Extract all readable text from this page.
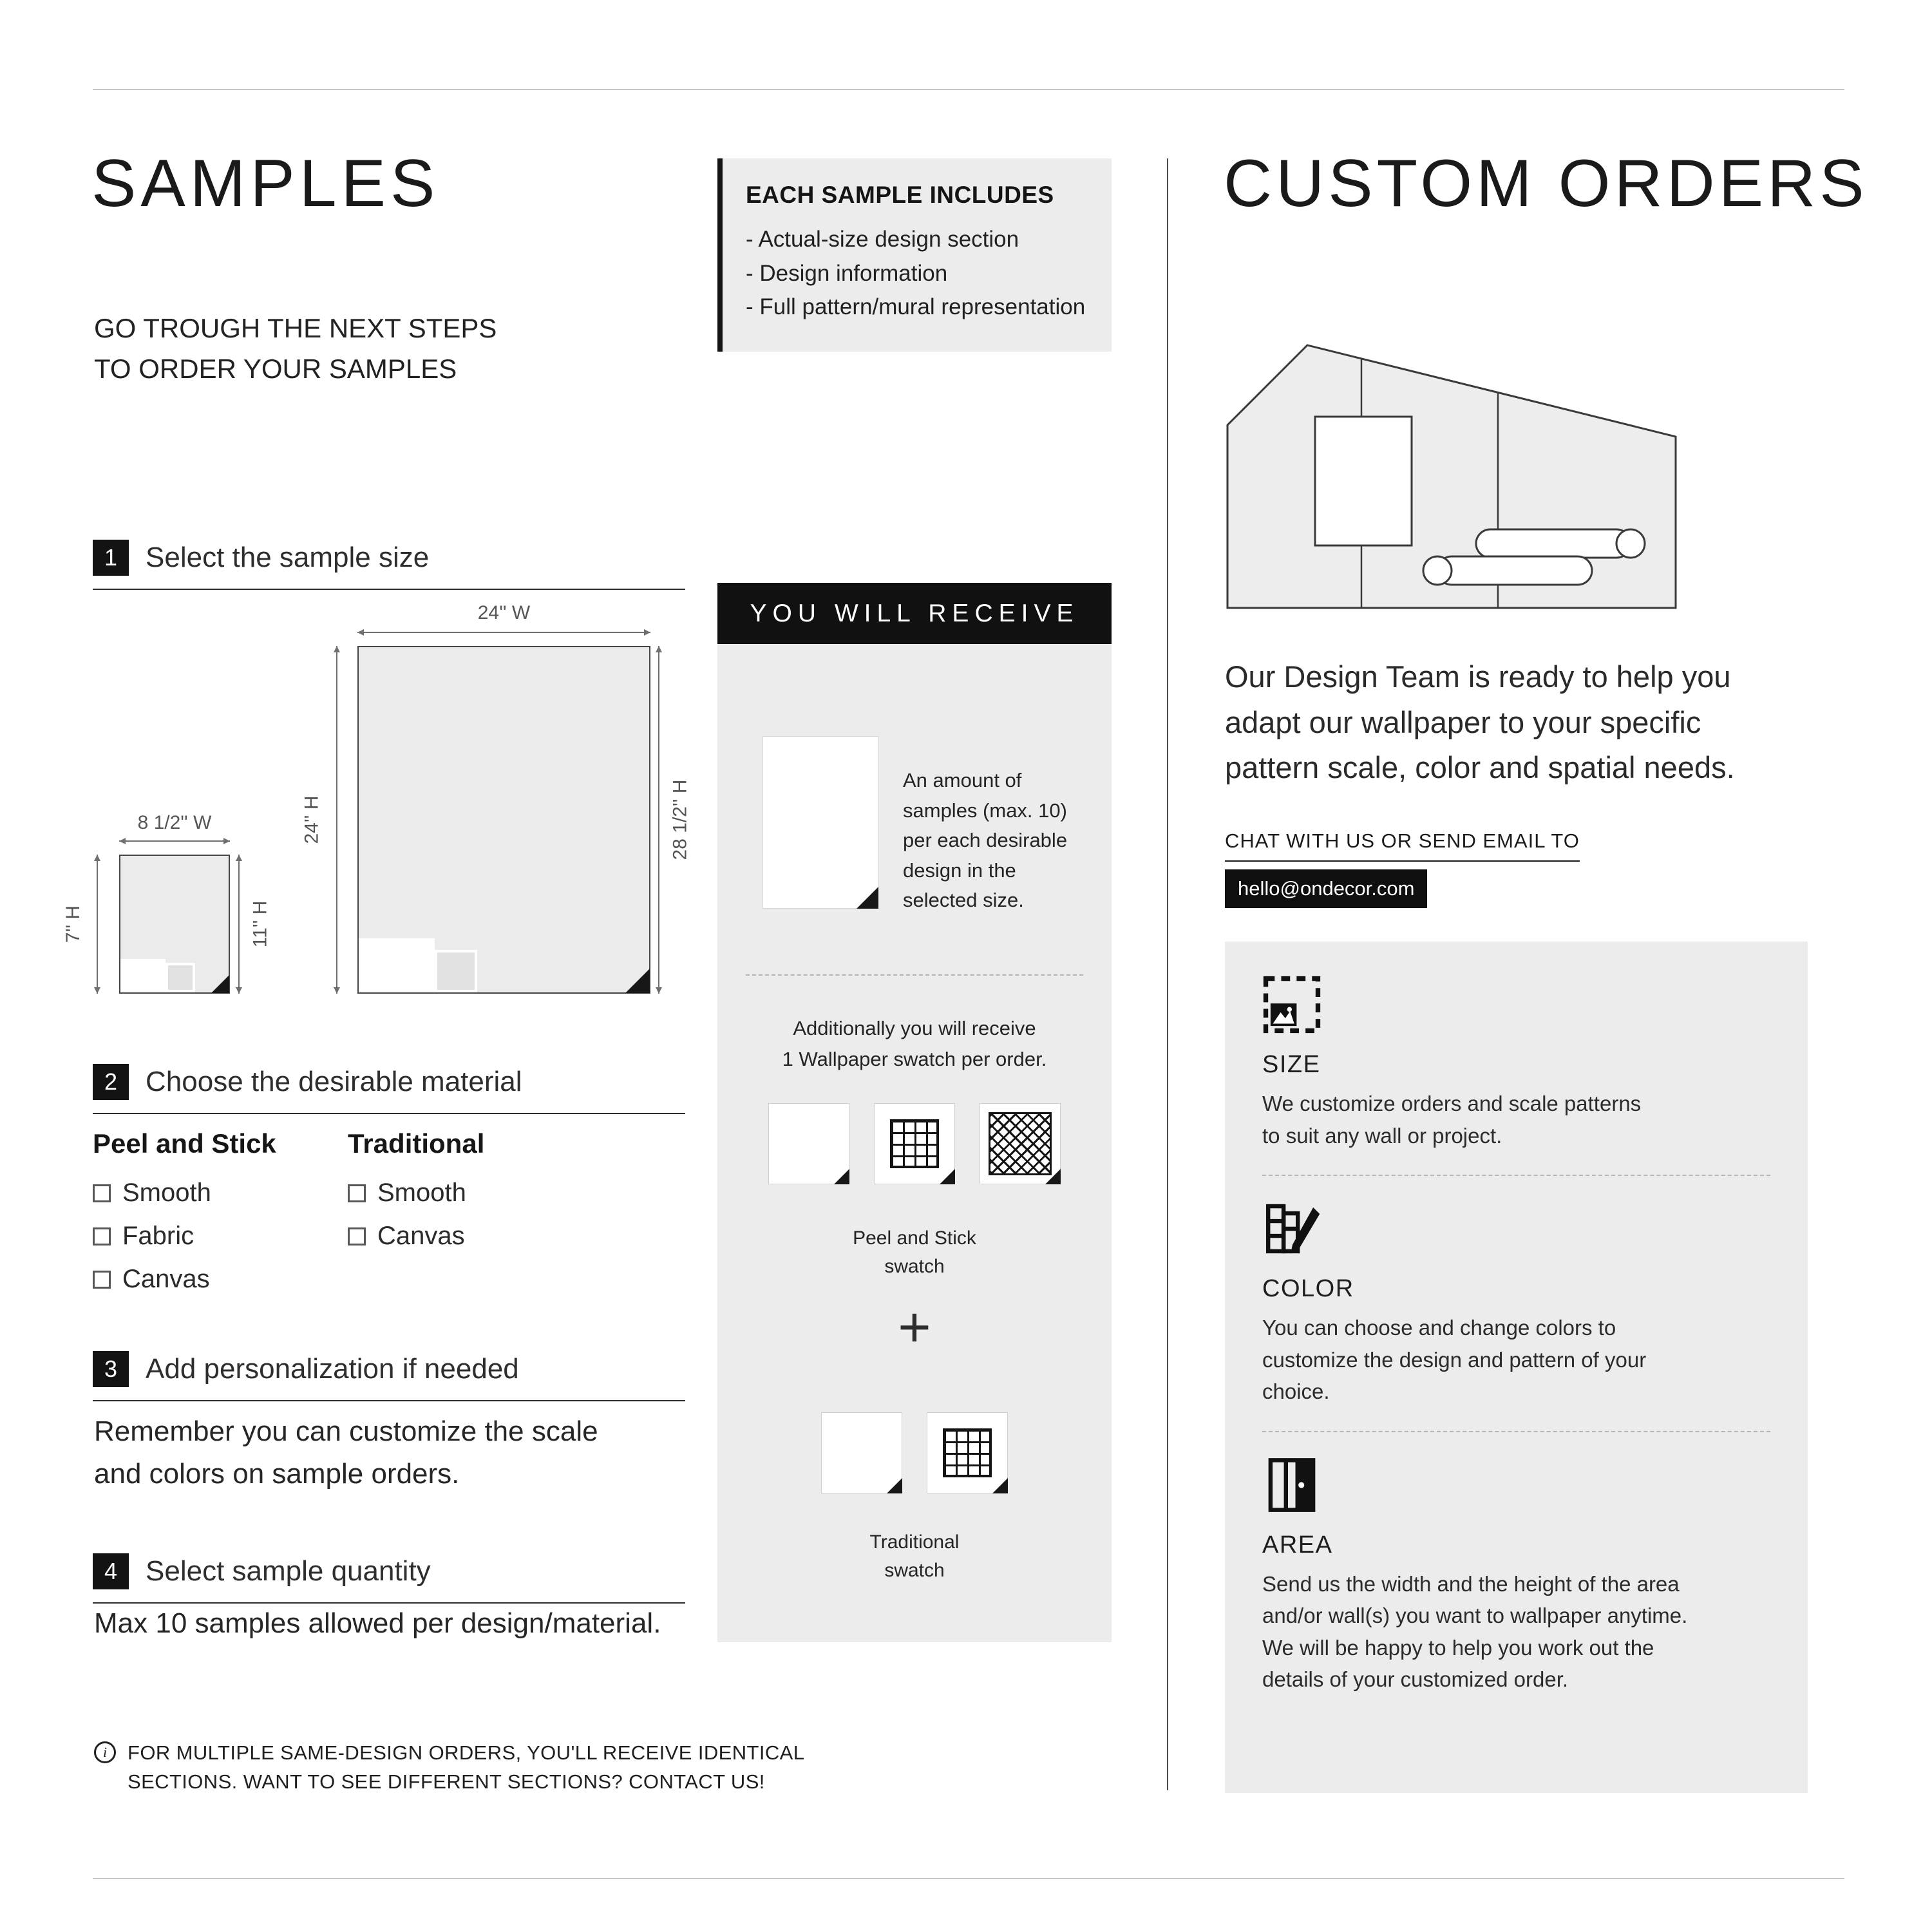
SAMPLES
GO TROUGH THE NEXT STEPS
TO ORDER YOUR SAMPLES
1 Select the sample size
24'' W
24'' H	28 1/2'' H
8 1/2'' W
7'' H	11'' H
2 Choose the desirable material
Peel and Stick
Smooth
Fabric
Canvas
Traditional
Smooth
Canvas
3 Add personalization if needed
Remember you can customize the scale
and colors on sample orders.
4 Select sample quantity
Max 10 samples allowed per design/material.
i	FOR MULTIPLE SAME-DESIGN ORDERS, YOU'LL RECEIVE IDENTICAL
SECTIONS. WANT TO SEE DIFFERENT SECTIONS? CONTACT US!
EACH SAMPLE INCLUDES
- Actual-size design section
- Design information
- Full pattern/mural representation
YOU WILL RECEIVE
An amount of
samples (max. 10)
per each desirable
design in the
selected size.
Additionally you will receive
1 Wallpaper swatch per order.
Peel and Stick
swatch
+
Traditional
swatch
CUSTOM ORDERS
Our Design Team is ready to help you
adapt our wallpaper to your specific
pattern scale, color and spatial needs.
CHAT WITH US OR SEND EMAIL TO
hello@ondecor.com
SIZE
We customize orders and scale patterns
to suit any wall or project.
COLOR
You can choose and change colors to
customize the design and pattern of your
choice.
AREA
Send us the width and the height of the area
and/or wall(s) you want to wallpaper anytime.
We will be happy to help you work out the
details of your customized order.
